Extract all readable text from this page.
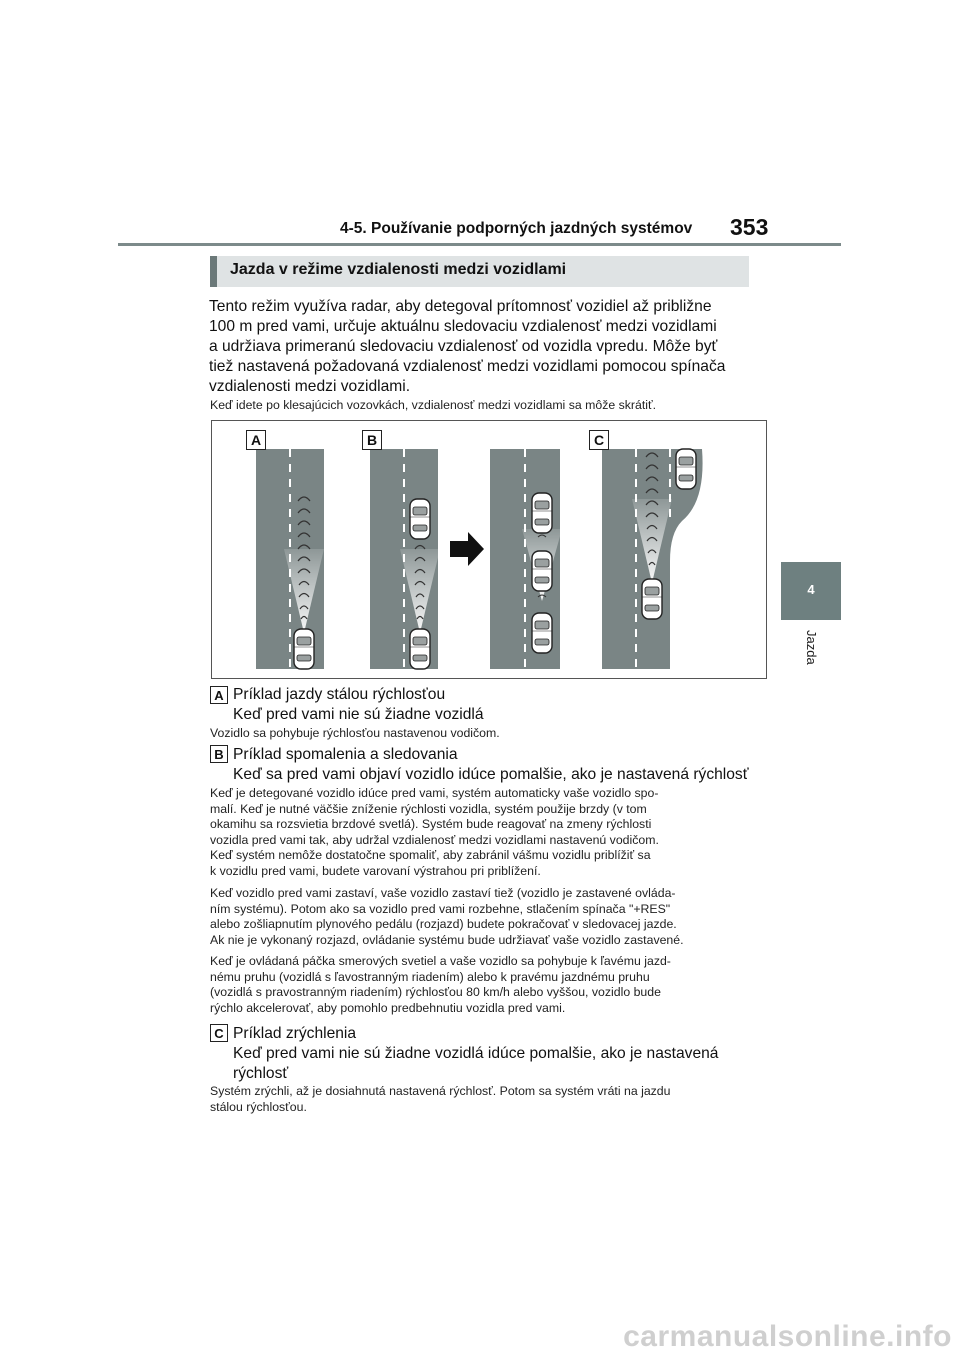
4-5. Používanie podporných jazdných systémov 353
4
Jazda
Jazda v režime vzdialenosti medzi vozidlami
Tento režim využíva radar, aby detegoval prítomnosť vozidiel až približne
100 m pred vami, určuje aktuálnu sledovaciu vzdialenosť medzi vozidlami
a udržiava primeranú sledovaciu vzdialenosť od vozidla vpredu. Môže byť
tiež nastavená požadovaná vzdialenosť medzi vozidlami pomocou spínača
vzdialenosti medzi vozidlami.
Keď idete po klesajúcich vozovkách, vzdialenosť medzi vozidlami sa môže skrátiť.
A	B	C
A Príklad jazdy stálou rýchlosťou
Keď pred vami nie sú žiadne vozidlá
Vozidlo sa pohybuje rýchlosťou nastavenou vodičom.
B Príklad spomalenia a sledovania
Keď sa pred vami objaví vozidlo idúce pomalšie, ako je nastavená rýchlosť
Keď je detegované vozidlo idúce pred vami, systém automaticky vaše vozidlo spo-
malí. Keď je nutné väčšie zníženie rýchlosti vozidla, systém použije brzdy (v tom
okamihu sa rozsvietia brzdové svetlá). Systém bude reagovať na zmeny rýchlosti
vozidla pred vami tak, aby udržal vzdialenosť medzi vozidlami nastavenú vodičom.
Keď systém nemôže dostatočne spomaliť, aby zabránil vášmu vozidlu priblížiť sa
k vozidlu pred vami, budete varovaní výstrahou pri priblížení.
Keď vozidlo pred vami zastaví, vaše vozidlo zastaví tiež (vozidlo je zastavené ovláda-
ním systému). Potom ako sa vozidlo pred vami rozbehne, stlačením spínača "+RES"
alebo zošliapnutím plynového pedálu (rozjazd) budete pokračovať v sledovacej jazde.
Ak nie je vykonaný rozjazd, ovládanie systému bude udržiavať vaše vozidlo zastavené.
Keď je ovládaná páčka smerových svetiel a vaše vozidlo sa pohybuje k ľavému jazd-
nému pruhu (vozidlá s ľavostranným riadením) alebo k pravému jazdnému pruhu
(vozidlá s pravostranným riadením) rýchlosťou 80 km/h alebo vyššou, vozidlo bude
rýchlo akcelerovať, aby pomohlo predbehnutiu vozidla pred vami.
C Príklad zrýchlenia
Keď pred vami nie sú žiadne vozidlá idúce pomalšie, ako je nastavená
rýchlosť
Systém zrýchli, až je dosiahnutá nastavená rýchlosť. Potom sa systém vráti na jazdu
stálou rýchlosťou.
carmanualsonline.info
